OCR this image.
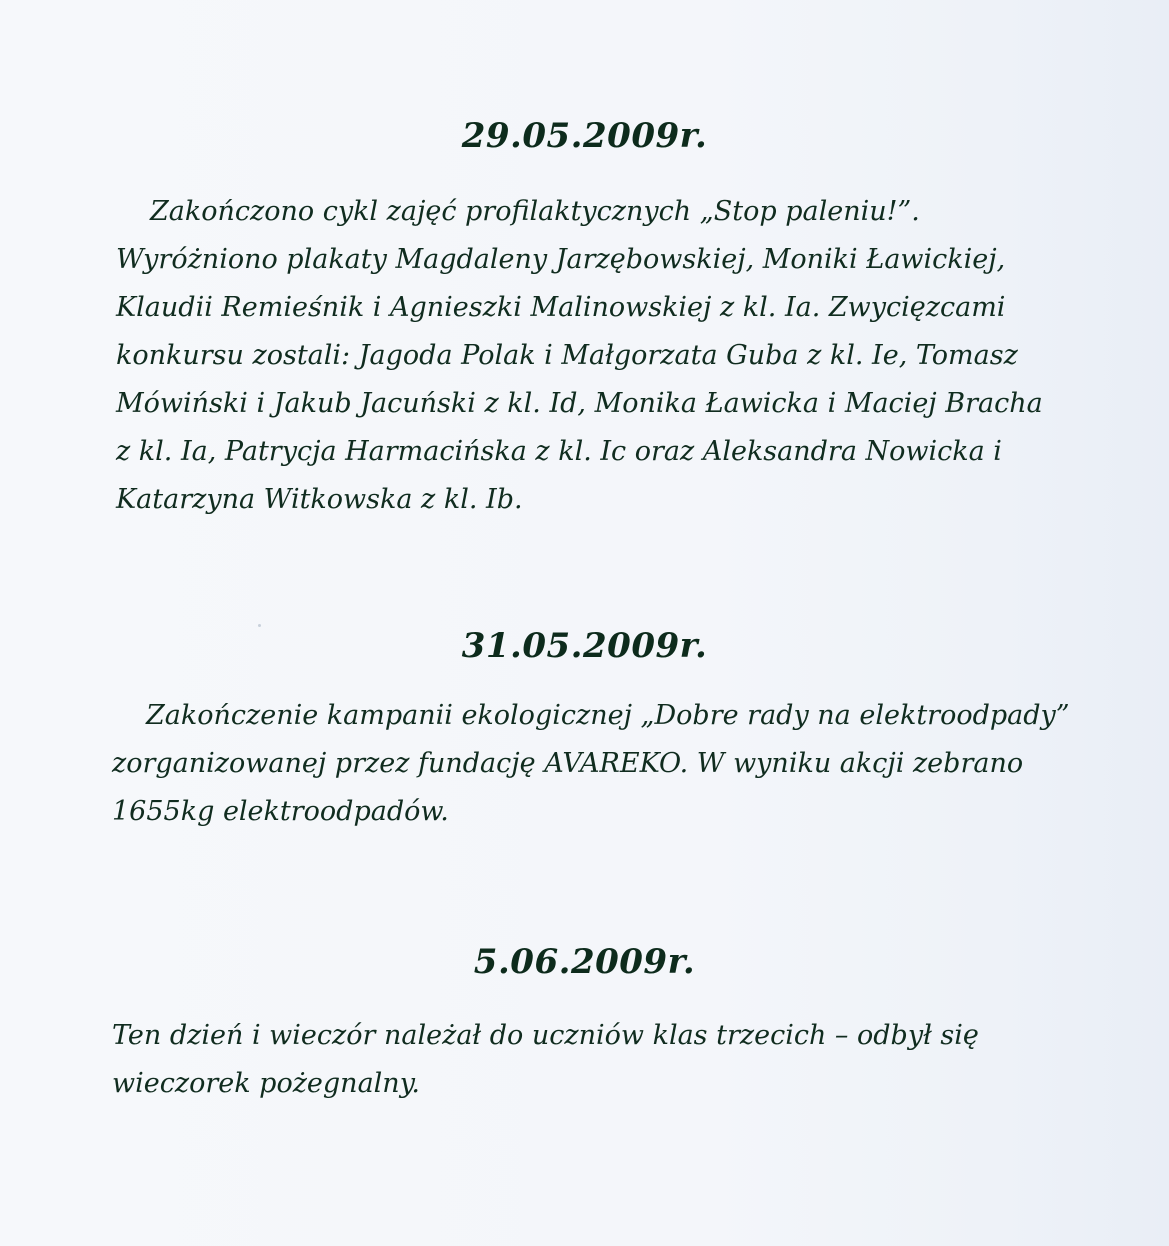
29.05.2009r.
Zakończono cykl zajęć profilaktycznych „Stop paleniu!”.
Wyróżniono plakaty Magdaleny Jarzębowskiej, Moniki Ławickiej,
Klaudii Remieśnik i Agnieszki Malinowskiej z kl. Ia. Zwycięzcami
konkursu zostali: Jagoda Polak i Małgorzata Guba z kl. Ie, Tomasz
Mówiński i Jakub Jacuński z kl. Id, Monika Ławicka i Maciej Bracha
z kl. Ia, Patrycja Harmacińska z kl. Ic oraz Aleksandra Nowicka i
Katarzyna Witkowska z kl. Ib.
31.05.2009r.
Zakończenie kampanii ekologicznej „Dobre rady na elektroodpady”
zorganizowanej przez fundację AVAREKO. W wyniku akcji zebrano
1655kg elektroodpadów.
5.06.2009r.
Ten dzień i wieczór należał do uczniów klas trzecich – odbył się
wieczorek pożegnalny.
